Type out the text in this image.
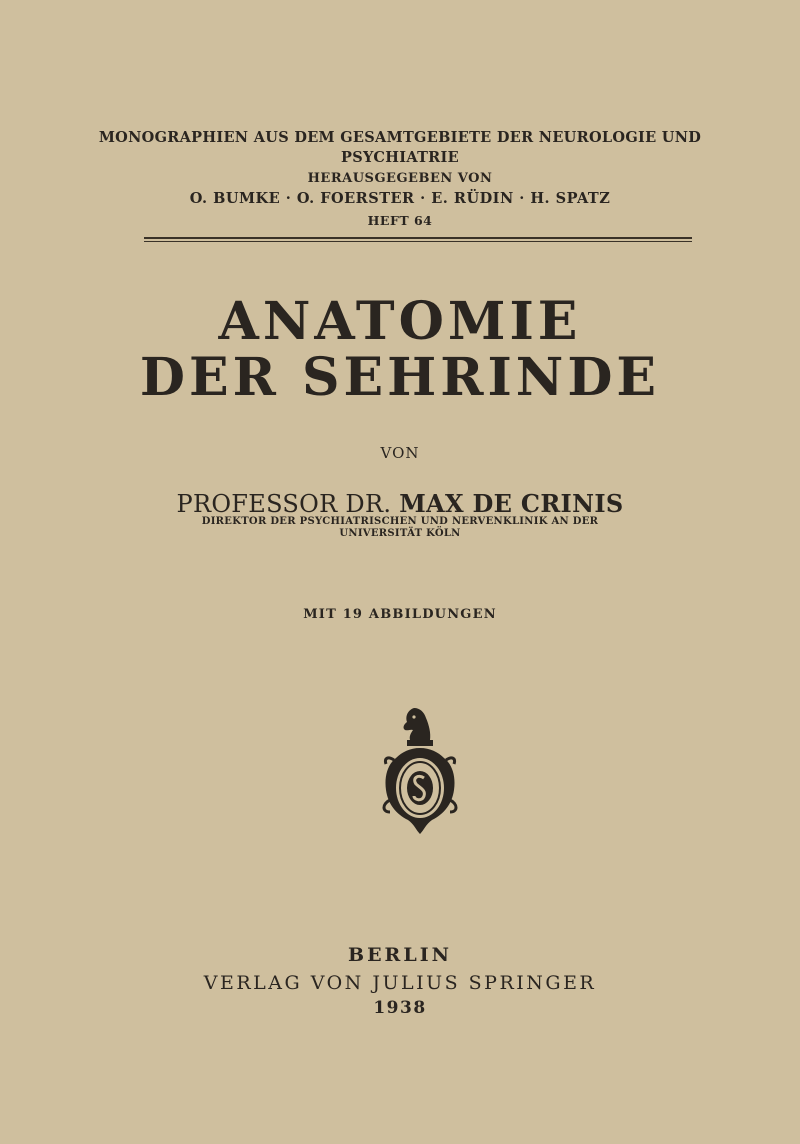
MONOGRAPHIEN AUS DEM GESAMTGEBIETE DER NEUROLOGIE UND
PSYCHIATRIE
HERAUSGEGEBEN VON
O. BUMKE · O. FOERSTER · E. RÜDIN · H. SPATZ
HEFT 64
ANATOMIE
DER SEHRINDE
VON
PROFESSOR DR. MAX DE CRINIS
DIREKTOR DER PSYCHIATRISCHEN UND NERVENKLINIK AN DER
UNIVERSITÄT KÖLN
MIT 19 ABBILDUNGEN
BERLIN
VERLAG VON JULIUS SPRINGER
1938
